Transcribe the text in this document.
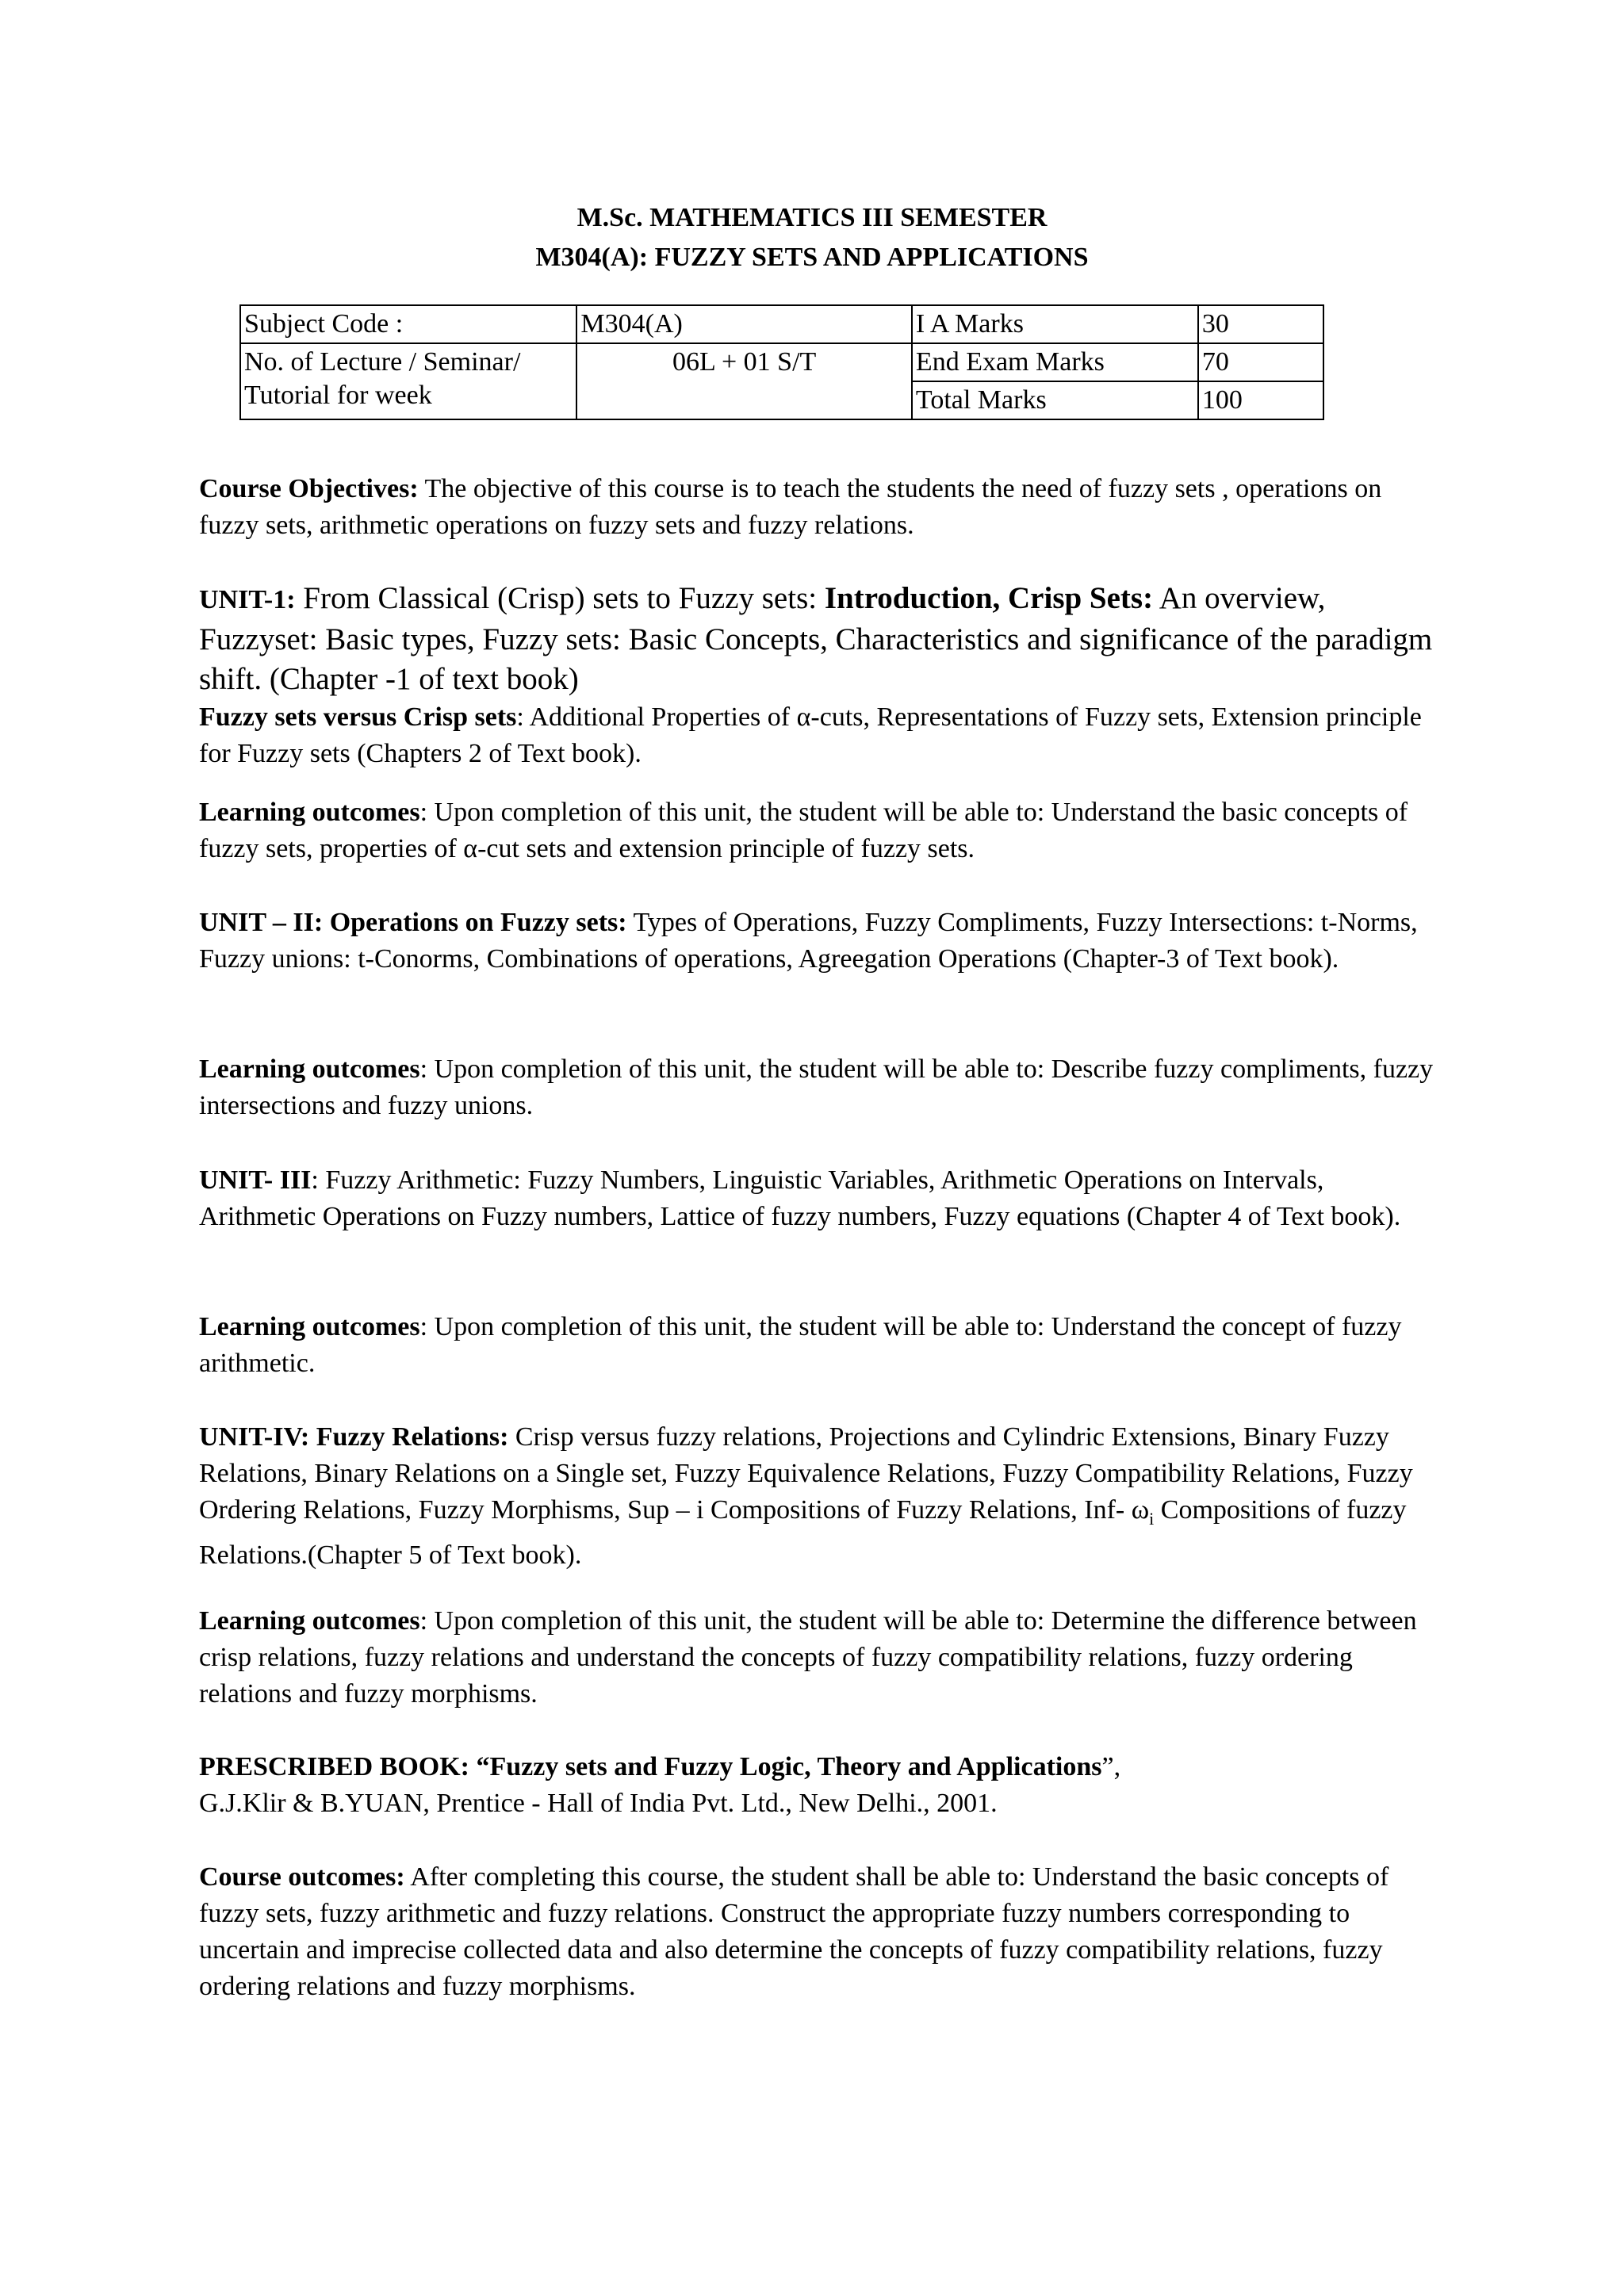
M.Sc. MATHEMATICS III SEMESTER
M304(A): FUZZY SETS AND APPLICATIONS
Subject Code :	M304(A)	I A Marks	30

No. of Lecture / Seminar/
Tutorial for week	06L + 01 S/T	End Exam Marks	70
		Total Marks	100
Course Objectives: The objective of this course is to teach the students the need of fuzzy sets , operations on fuzzy sets, arithmetic operations on fuzzy sets and fuzzy relations.
UNIT-1: From Classical (Crisp) sets to Fuzzy sets: Introduction, Crisp Sets: An overview, Fuzzyset: Basic types, Fuzzy sets: Basic Concepts, Characteristics and significance of the paradigm shift. (Chapter -1 of text book)
Fuzzy sets versus Crisp sets: Additional Properties of α-cuts, Representations of Fuzzy sets, Extension principle for Fuzzy sets (Chapters 2 of Text book).
Learning outcomes: Upon completion of this unit, the student will be able to: Understand the basic concepts of fuzzy sets, properties of α-cut sets and extension principle of fuzzy sets.
UNIT – II: Operations on Fuzzy sets: Types of Operations, Fuzzy Compliments, Fuzzy Intersections: t-Norms, Fuzzy unions: t-Conorms, Combinations of operations, Agreegation Operations (Chapter-3 of Text book).
Learning outcomes: Upon completion of this unit, the student will be able to: Describe fuzzy compliments, fuzzy intersections and fuzzy unions.
UNIT- III: Fuzzy Arithmetic: Fuzzy Numbers, Linguistic Variables, Arithmetic Operations on Intervals, Arithmetic Operations on Fuzzy numbers, Lattice of fuzzy numbers, Fuzzy equations (Chapter 4 of Text book).
Learning outcomes: Upon completion of this unit, the student will be able to: Understand the concept of fuzzy arithmetic.
UNIT-IV: Fuzzy Relations: Crisp versus fuzzy relations, Projections and Cylindric Extensions, Binary Fuzzy Relations, Binary Relations on a Single set, Fuzzy Equivalence Relations, Fuzzy Compatibility Relations, Fuzzy Ordering Relations, Fuzzy Morphisms, Sup – i Compositions of Fuzzy Relations, Inf- $\omega_i$ Compositions of fuzzy Relations.(Chapter 5 of Text book).
Learning outcomes: Upon completion of this unit, the student will be able to: Determine the difference between crisp relations, fuzzy relations and understand the concepts of fuzzy compatibility relations, fuzzy ordering relations and fuzzy morphisms.
PRESCRIBED BOOK: “Fuzzy sets and Fuzzy Logic, Theory and Applications”,
G.J.Klir & B.YUAN, Prentice - Hall of India Pvt. Ltd., New Delhi., 2001.
Course outcomes: After completing this course, the student shall be able to: Understand the basic concepts of fuzzy sets, fuzzy arithmetic and fuzzy relations. Construct the appropriate fuzzy numbers corresponding to uncertain and imprecise collected data and also determine the concepts of fuzzy compatibility relations, fuzzy ordering relations and fuzzy morphisms.
